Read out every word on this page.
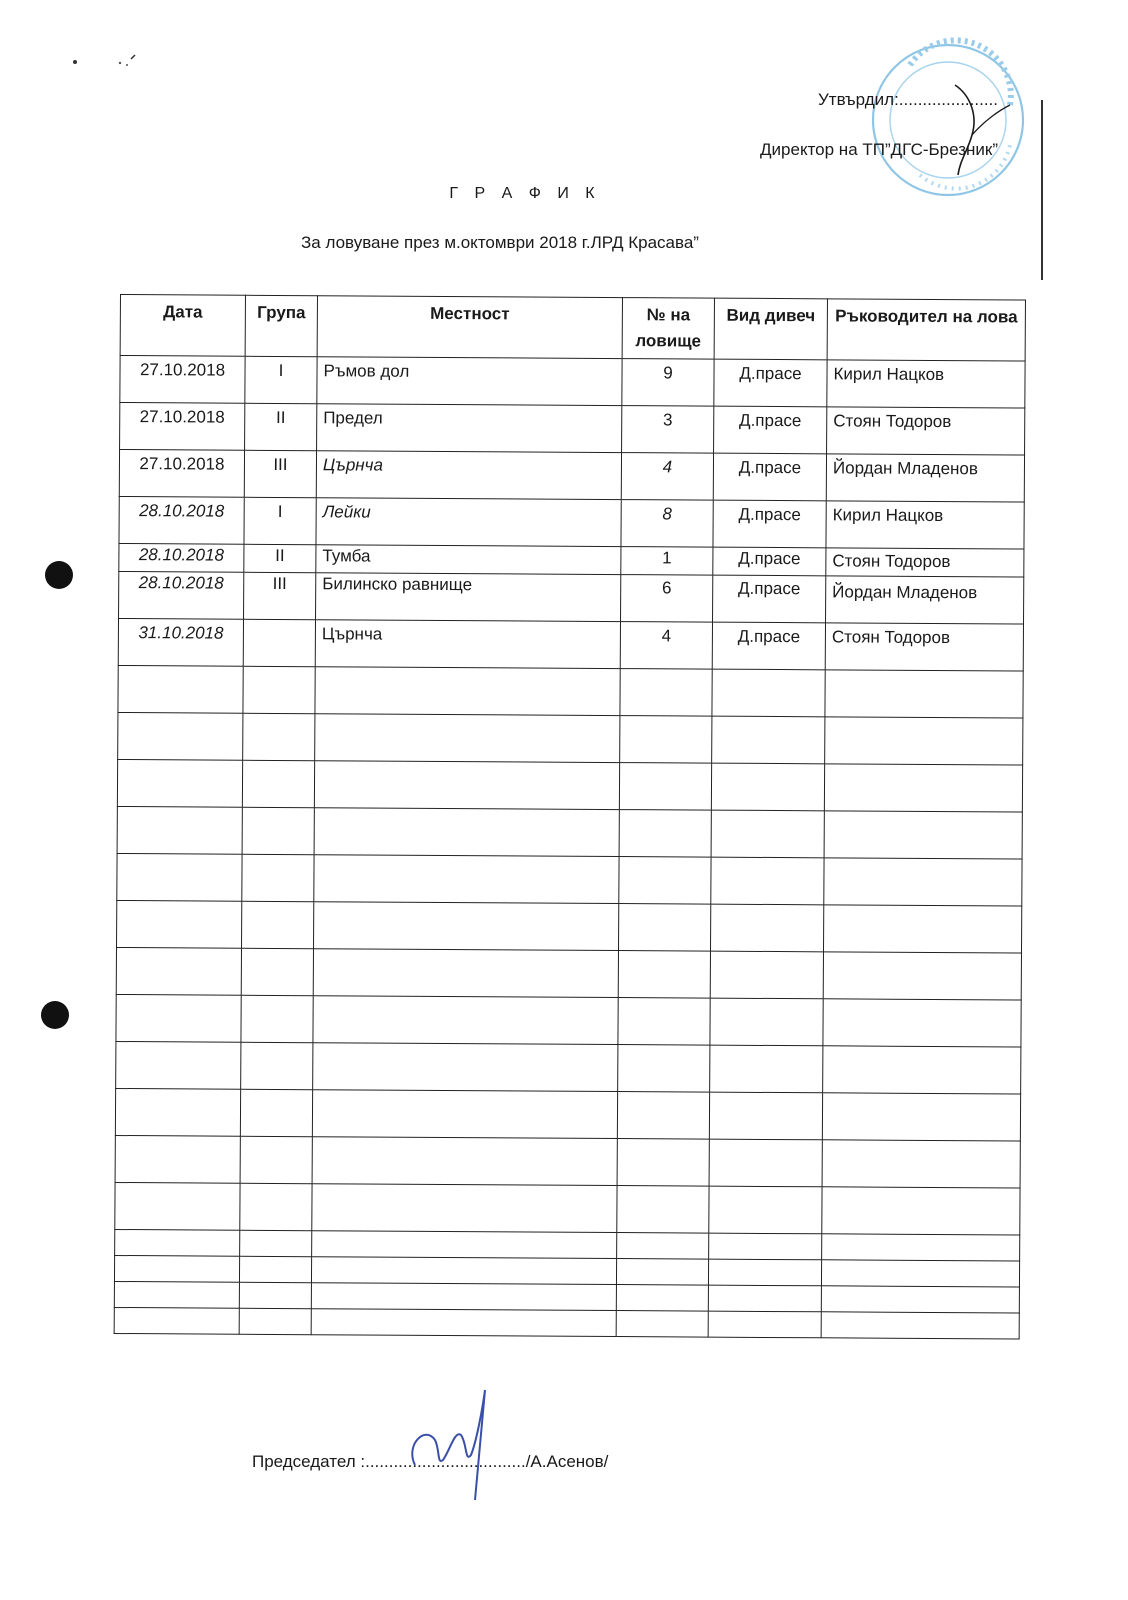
Утвърдил:.....................
Директор на ТП”ДГС-Брезник”
Г Р А Ф И К
За ловуване през м.октомври 2018 г.ЛРД Красава”
Дата	Група	Местност	№ на ловище	Вид дивеч	Ръководител на лова
27.10.2018	I	Ръмов дол	9	Д.прасе	Кирил Нацков
27.10.2018	II	Предел	3	Д.прасе	Стоян Тодоров
27.10.2018	III	Църнча	4	Д.прасе	Йордан Младенов
28.10.2018	I	Лейки	8	Д.прасе	Кирил Нацков
28.10.2018	II	Тумба	1	Д.прасе	Стоян Тодоров
28.10.2018	III	Билинско равнище	6	Д.прасе	Йордан Младенов
31.10.2018		Църнча	4	Д.прасе	Стоян Тодоров

Председател :................................../А.Асенов/
